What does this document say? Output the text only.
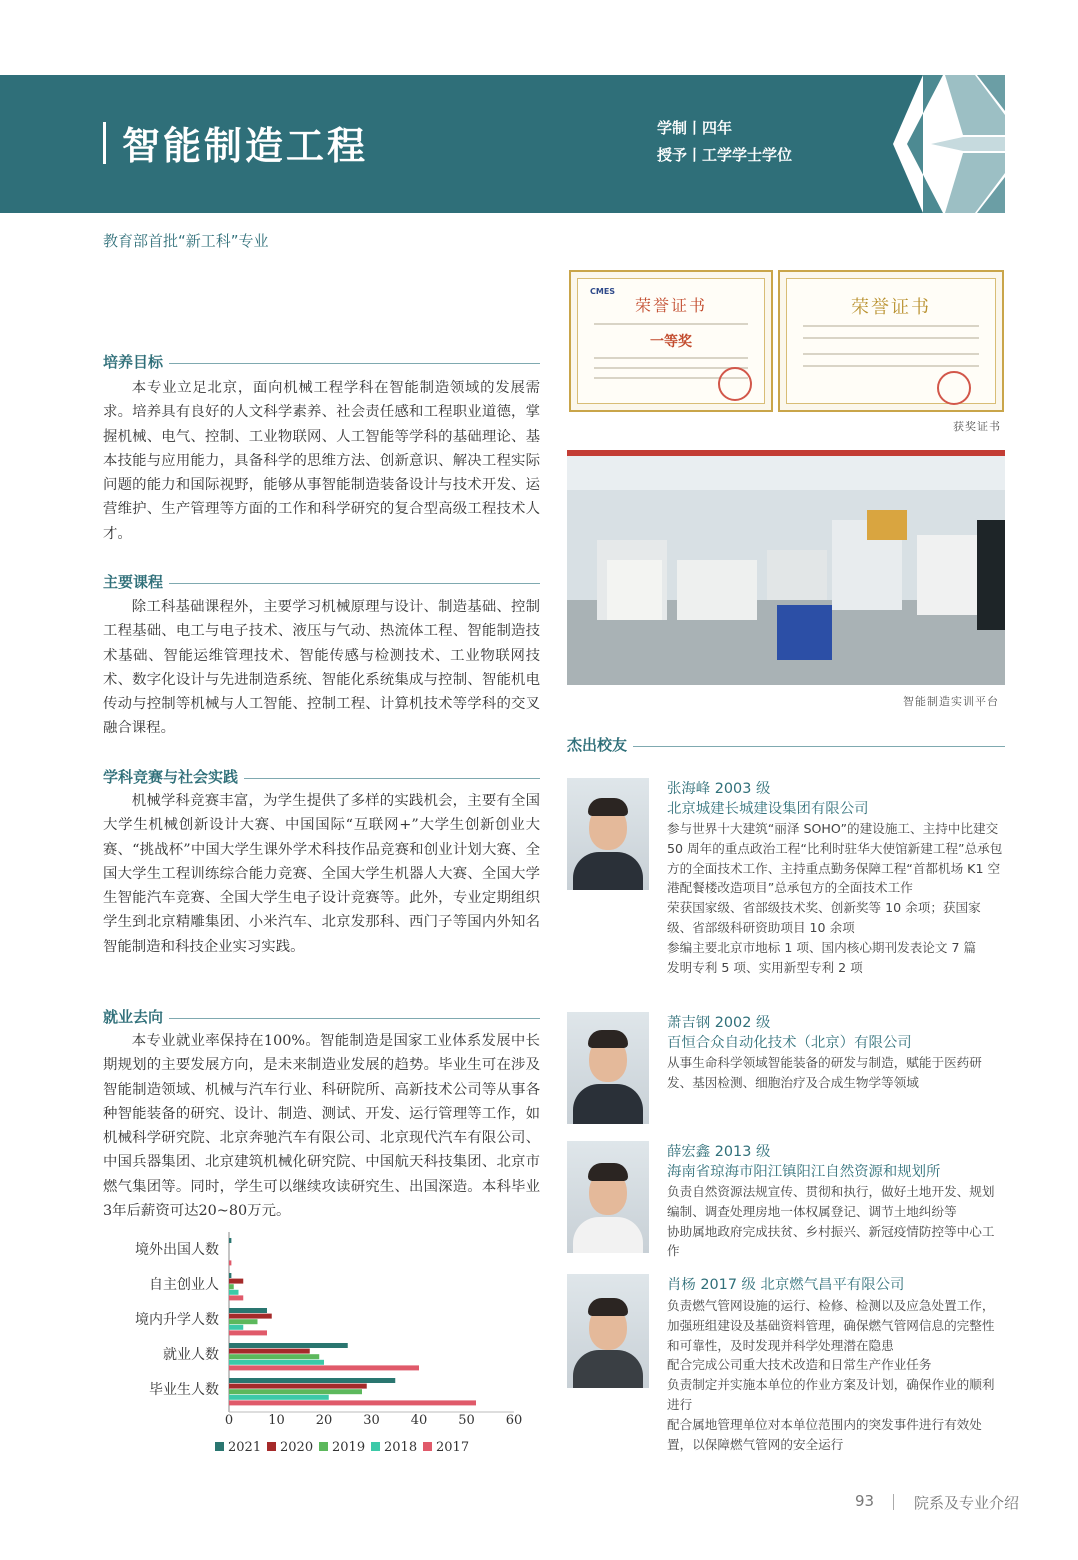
智能制造工程	学制丨四年
授予丨工学学士学位
教育部首批“新工科”专业
培养目标
本专业立足北京，面向机械工程学科在智能制造领域的发展需求。培养具有良好的人文科学素养、社会责任感和工程职业道德，掌握机械、电气、控制、工业物联网、人工智能等学科的基础理论、基本技能与应用能力，具备科学的思维方法、创新意识、解决工程实际问题的能力和国际视野，能够从事智能制造装备设计与技术开发、运营维护、生产管理等方面的工作和科学研究的复合型高级工程技术人才。
主要课程
除工科基础课程外，主要学习机械原理与设计、制造基础、控制工程基础、电工与电子技术、液压与气动、热流体工程、智能制造技术基础、智能运维管理技术、智能传感与检测技术、工业物联网技术、数字化设计与先进制造系统、智能化系统集成与控制、智能机电传动与控制等机械与人工智能、控制工程、计算机技术等学科的交叉融合课程。
学科竞赛与社会实践
机械学科竞赛丰富，为学生提供了多样的实践机会，主要有全国大学生机械创新设计大赛、中国国际“互联网+”大学生创新创业大赛、“挑战杯”中国大学生课外学术科技作品竞赛和创业计划大赛、全国大学生工程训练综合能力竞赛、全国大学生机器人大赛、全国大学生智能汽车竞赛、全国大学生电子设计竞赛等。此外，专业定期组织学生到北京精雕集团、小米汽车、北京发那科、西门子等国内外知名智能制造和科技企业实习实践。
就业去向
本专业就业率保持在100%。智能制造是国家工业体系发展中长期规划的主要发展方向，是未来制造业发展的趋势。毕业生可在涉及智能制造领域、机械与汽车行业、科研院所、高新技术公司等从事各种智能装备的研究、设计、制造、测试、开发、运行管理等工作，如机械科学研究院、北京奔驰汽车有限公司、北京现代汽车有限公司、中国兵器集团、北京建筑机械化研究院、中国航天科技集团、北京市燃气集团等。同时，学生可以继续攻读研究生、出国深造。本科毕业3年后薪资可达20~80万元。
境外出国人数
自主创业人
境内升学人数
就业人数
毕业生人数
0	10 20 30 40 50 60
2021 2020 2019 2018 2017
CMES
荣誉证书
一等奖
荣誉证书
获奖证书
智能制造实训平台
杰出校友
张海峰 2003 级
北京城建长城建设集团有限公司

参与世界十大建筑“丽泽 SOHO”的建设施工、主持中比建交 50 周年的重点政治工程“比利时驻华大使馆新建工程”总承包方的全面技术工作、主持重点勤务保障工程“首都机场 K1 空港配餐楼改造项目”总承包方的全面技术工作

荣获国家级、省部级技术奖、创新奖等 10 余项；获国家级、省部级科研资助项目 10 余项

参编主要北京市地标 1 项、国内核心期刊发表论文 7 篇

发明专利 5 项、实用新型专利 2 项

萧吉钢 2002 级
百恒合众自动化技术（北京）有限公司

从事生命科学领域智能装备的研发与制造，赋能于医药研发、基因检测、细胞治疗及合成生物学等领域

薛宏鑫 2013 级
海南省琼海市阳江镇阳江自然资源和规划所

负责自然资源法规宣传、贯彻和执行，做好土地开发、规划编制、调查处理房地一体权属登记、调节土地纠纷等

协助属地政府完成扶贫、乡村振兴、新冠疫情防控等中心工作

肖杨 2017 级 北京燃气昌平有限公司

负责燃气管网设施的运行、检修、检测以及应急处置工作，加强班组建设及基础资料管理，确保燃气管网信息的完整性和可靠性，及时发现并科学处理潜在隐患

配合完成公司重大技术改造和日常生产作业任务

负责制定并实施本单位的作业方案及计划，确保作业的顺利进行

配合属地管理单位对本单位范围内的突发事件进行有效处置，以保障燃气管网的安全运行

93	院系及专业介绍
